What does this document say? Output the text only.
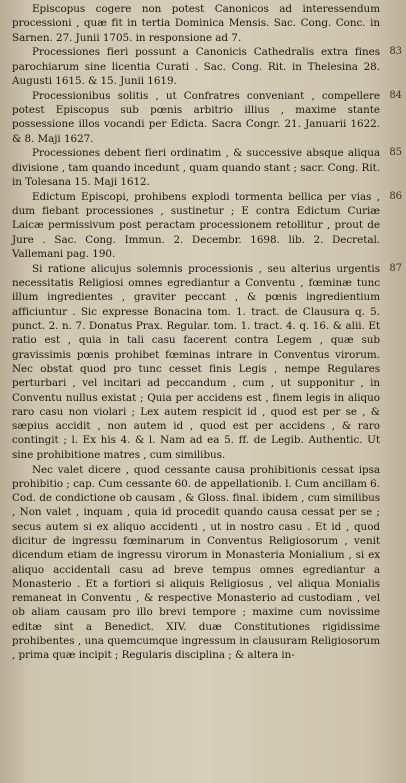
Episcopus cogere non potest Canonicos ad interessendum processioni , quæ fit in tertia Dominica Mensis. Sac. Cong. Conc. in Sarnen. 27. Junii 1705. in responsione ad 7.

83
Processiones fieri possunt a Canonicis Cathedralis extra fines parochiarum sine licentia Curati . Sac. Cong. Rit. in Thelesina 28. Augusti 1615. & 15. Junii 1619.

84
Processionibus solitis , ut Confratres conveniant , compellere potest Episcopus sub pœnis arbitrio illius , maxime stante possessione illos vocandi per Edicta. Sacra Congr. 21. Januarii 1622. & 8. Maji 1627.

85
Processiones debent fieri ordinatim , & successive absque aliqua divisione , tam quando incedunt , quam quando stant ; sacr. Cong. Rit. in Tolesana 15. Maji 1612.

86
Edictum Episcopi, prohibens explodi tormenta bellica per vias , dum fiebant processiones , sustinetur ; E contra Edictum Curiæ Laicæ permissivum post peractam processionem retollitur , prout de Jure . Sac. Cong. Immun. 2. Decembr. 1698. lib. 2. Decretal. Vallemani pag. 190.

87
Si ratione alicujus solemnis processionis , seu alterius urgentis necessitatis Religiosi omnes egrediantur a Conventu , fœminæ tunc illum ingredientes , graviter peccant , & pœnis ingredientium afficiuntur . Sic expresse Bonacina tom. 1. tract. de Clausura q. 5. punct. 2. n. 7. Donatus Prax. Regular. tom. 1. tract. 4. q. 16. & alii. Et ratio est , quia in tali casu facerent contra Legem , quæ sub gravissimis pœnis prohibet fœminas intrare in Conventus virorum. Nec obstat quod pro tunc cesset finis Legis , nempe Regulares perturbari , vel incitari ad peccandum , cum , ut supponitur , in Conventu nullus existat ; Quia per accidens est , finem legis in aliquo raro casu non violari ; Lex autem respicit id , quod est per se , & sæpius accidit , non autem id , quod est per accidens , & raro contingit ; l. Ex his 4. & l. Nam ad ea 5. ff. de Legib. Authentic. Ut sine prohibitione matres , cum similibus.

Nec valet dicere , quod cessante causa prohibitionis cessat ipsa prohibitio ; cap. Cum cessante 60. de appellationib. l. Cum ancillam 6. Cod. de condictione ob causam , & Gloss. final. ibidem , cum similibus , Non valet , inquam , quia id procedit quando causa cessat per se ; secus autem si ex aliquo accidenti , ut in nostro casu . Et id , quod dicitur de ingressu fœminarum in Conventus Religiosorum , venit dicendum etiam de ingressu virorum in Monasteria Monialium , si ex aliquo accidentali casu ad breve tempus omnes egrediantur a Monasterio . Et a fortiori si aliquis Religiosus , vel aliqua Monialis remaneat in Conventu , & respective Monasterio ad custodiam , vel ob aliam causam pro illo brevi tempore ; maxime cum novissime editæ sint a Benedict. XIV. duæ Constitutiones rigidissime prohibentes , una quemcumque ingressum in clausuram Religiosorum , prima quæ incipit ; Regularis disciplina ; & altera in-
